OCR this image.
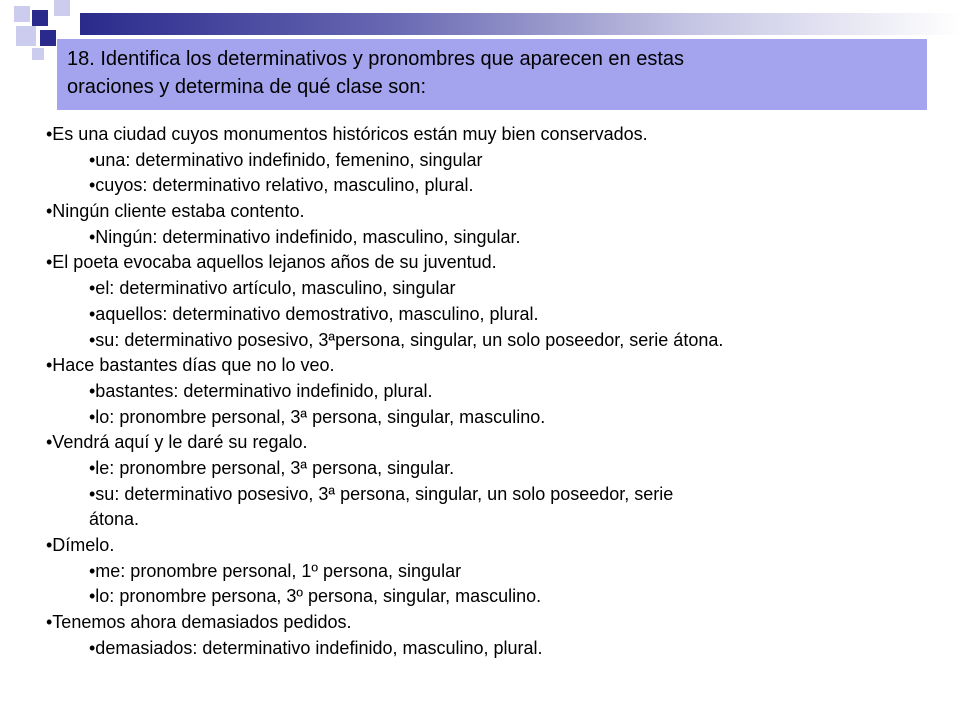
18. Identifica los determinativos y pronombres que aparecen en estas
oraciones y determina de qué clase son:
•Es una ciudad cuyos monumentos históricos están muy bien conservados.
•una: determinativo indefinido, femenino, singular
•cuyos: determinativo relativo, masculino, plural.
•Ningún cliente estaba contento.
•Ningún: determinativo indefinido, masculino, singular.
•El poeta evocaba aquellos lejanos años de su juventud.
•el: determinativo artículo, masculino, singular
•aquellos: determinativo demostrativo, masculino, plural.
•su: determinativo posesivo, 3ªpersona, singular, un solo poseedor, serie átona.
•Hace bastantes días que no lo veo.
•bastantes: determinativo indefinido, plural.
•lo: pronombre personal, 3ª persona, singular, masculino.
•Vendrá aquí y le daré su regalo.
•le: pronombre personal, 3ª persona, singular.
•su: determinativo posesivo, 3ª persona, singular, un solo poseedor, serie
átona.
•Dímelo.
•me: pronombre personal, 1º persona, singular
•lo: pronombre persona, 3º persona, singular, masculino.
•Tenemos ahora demasiados pedidos.
•demasiados: determinativo indefinido, masculino, plural.
